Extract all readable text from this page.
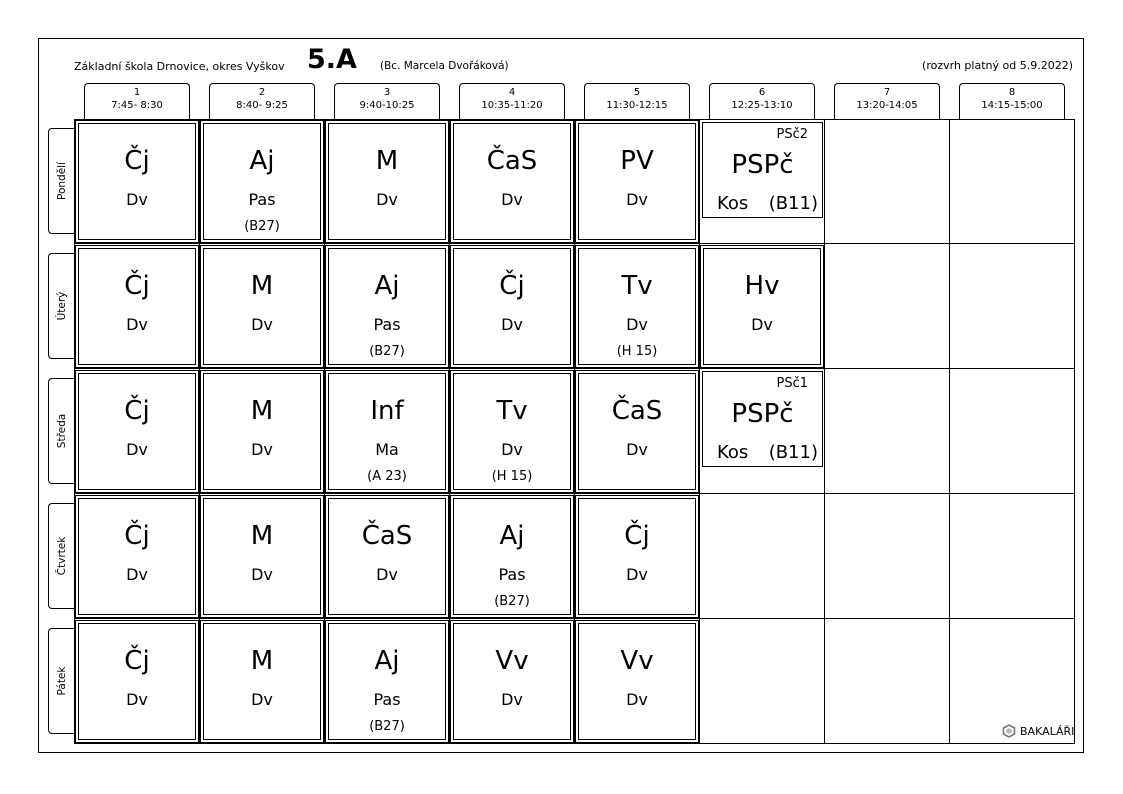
Základní škola Drnovice, okres Vyškov 5.A (Bc. Marcela Dvořáková)	(rozvrh platný od 5.9.2022)
1
7:45- 8:30
2
8:40- 9:25
3
9:40-10:25
4
10:35-11:20
5
11:30-12:15
6
12:25-13:10
7
13:20-14:05
8
14:15-15:00
Pondělí
Úterý
Středa
Čtvrtek
Pátek
Čj
Dv
Aj
Pas
(B27)
M
Dv
ČaS
Dv
PV
Dv
Čj
Dv
M
Dv
Aj
Pas
(B27)
Čj
Dv
Tv
Dv
(H 15)
Hv
Dv
Čj
Dv
M
Dv
Inf
Ma
(A 23)
Tv
Dv
(H 15)
ČaS
Dv
Čj
Dv
M
Dv
ČaS
Dv
Aj
Pas
(B27)
Čj
Dv
Čj
Dv
M
Dv
Aj
Pas
(B27)
Vv
Dv
Vv
Dv
PSč2
PSPč
Kos (B11)
PSč1
PSPč
Kos (B11)
BAKALÁŘI
